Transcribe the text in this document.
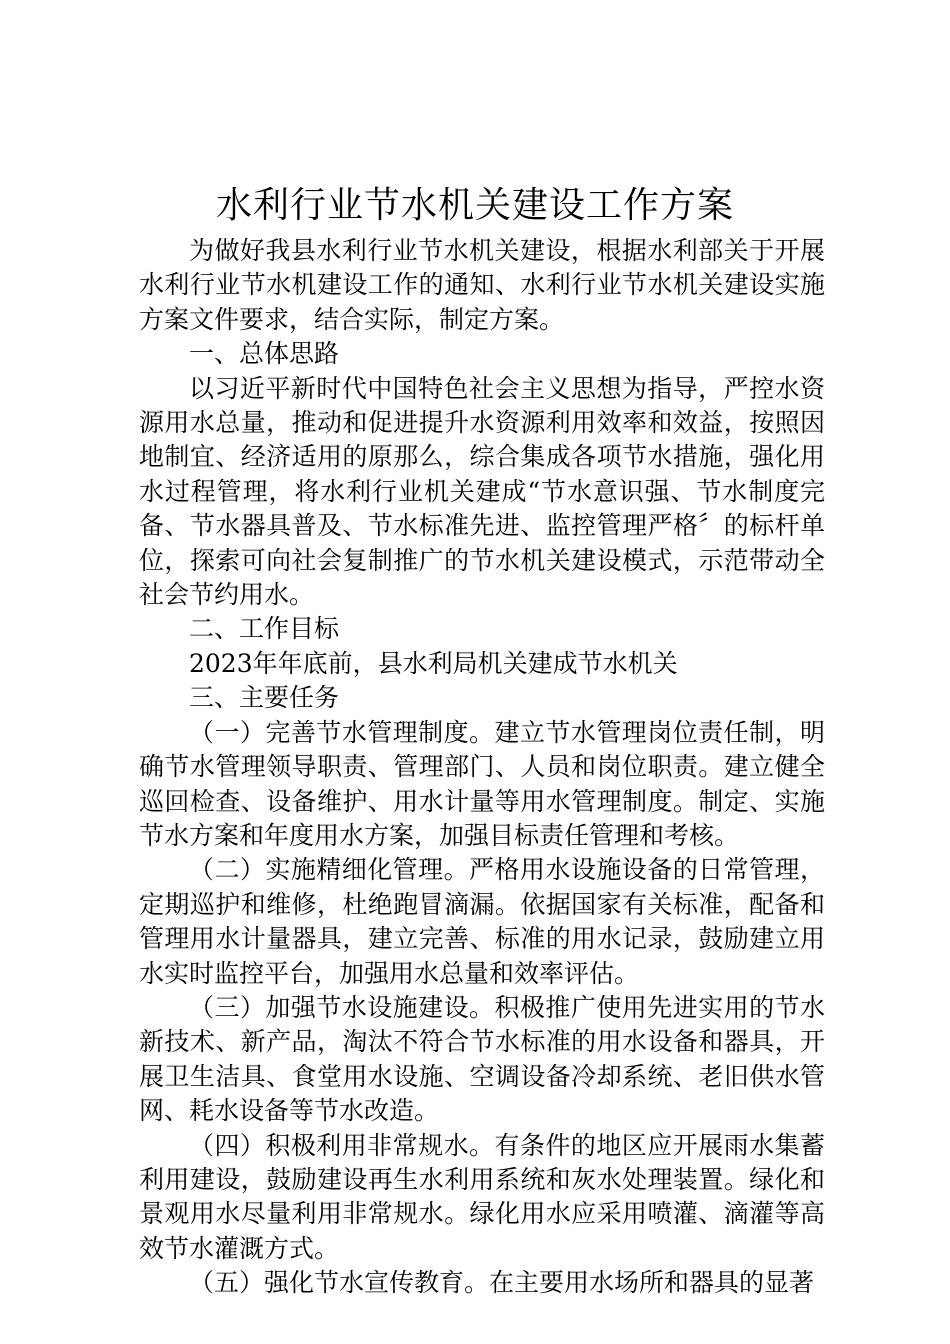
水利行业节水机关建设工作方案

为做好我县水利行业节水机关建设，根据水利部关于开展水利行业节水机建设工作的通知、水利行业节水机关建设实施方案文件要求，结合实际，制定方案。

一、总体思路

以习近平新时代中国特色社会主义思想为指导，严控水资源用水总量，推动和促进提升水资源利用效率和效益，按照因地制宜、经济适用的原那么，综合集成各项节水措施，强化用水过程管理，将水利行业机关建成“节水意识强、节水制度完备、节水器具普及、节水标准先进、监控管理严格〞的标杆单位，探索可向社会复制推广的节水机关建设模式，示范带动全社会节约用水。

二、工作目标

2023年年底前，县水利局机关建成节水机关

三、主要任务

（一）完善节水管理制度。建立节水管理岗位责任制，明确节水管理领导职责、管理部门、人员和岗位职责。建立健全巡回检查、设备维护、用水计量等用水管理制度。制定、实施节水方案和年度用水方案，加强目标责任管理和考核。

（二）实施精细化管理。严格用水设施设备的日常管理，定期巡护和维修，杜绝跑冒滴漏。依据国家有关标准，配备和管理用水计量器具，建立完善、标准的用水记录，鼓励建立用水实时监控平台，加强用水总量和效率评估。

（三）加强节水设施建设。积极推广使用先进实用的节水新技术、新产品，淘汰不符合节水标准的用水设备和器具，开展卫生洁具、食堂用水设施、空调设备冷却系统、老旧供水管网、耗水设备等节水改造。

（四）积极利用非常规水。有条件的地区应开展雨水集蓄利用建设，鼓励建设再生水利用系统和灰水处理装置。绿化和景观用水尽量利用非常规水。绿化用水应采用喷灌、滴灌等高效节水灌溉方式。

（五）强化节水宣传教育。在主要用水场所和器具的显著
